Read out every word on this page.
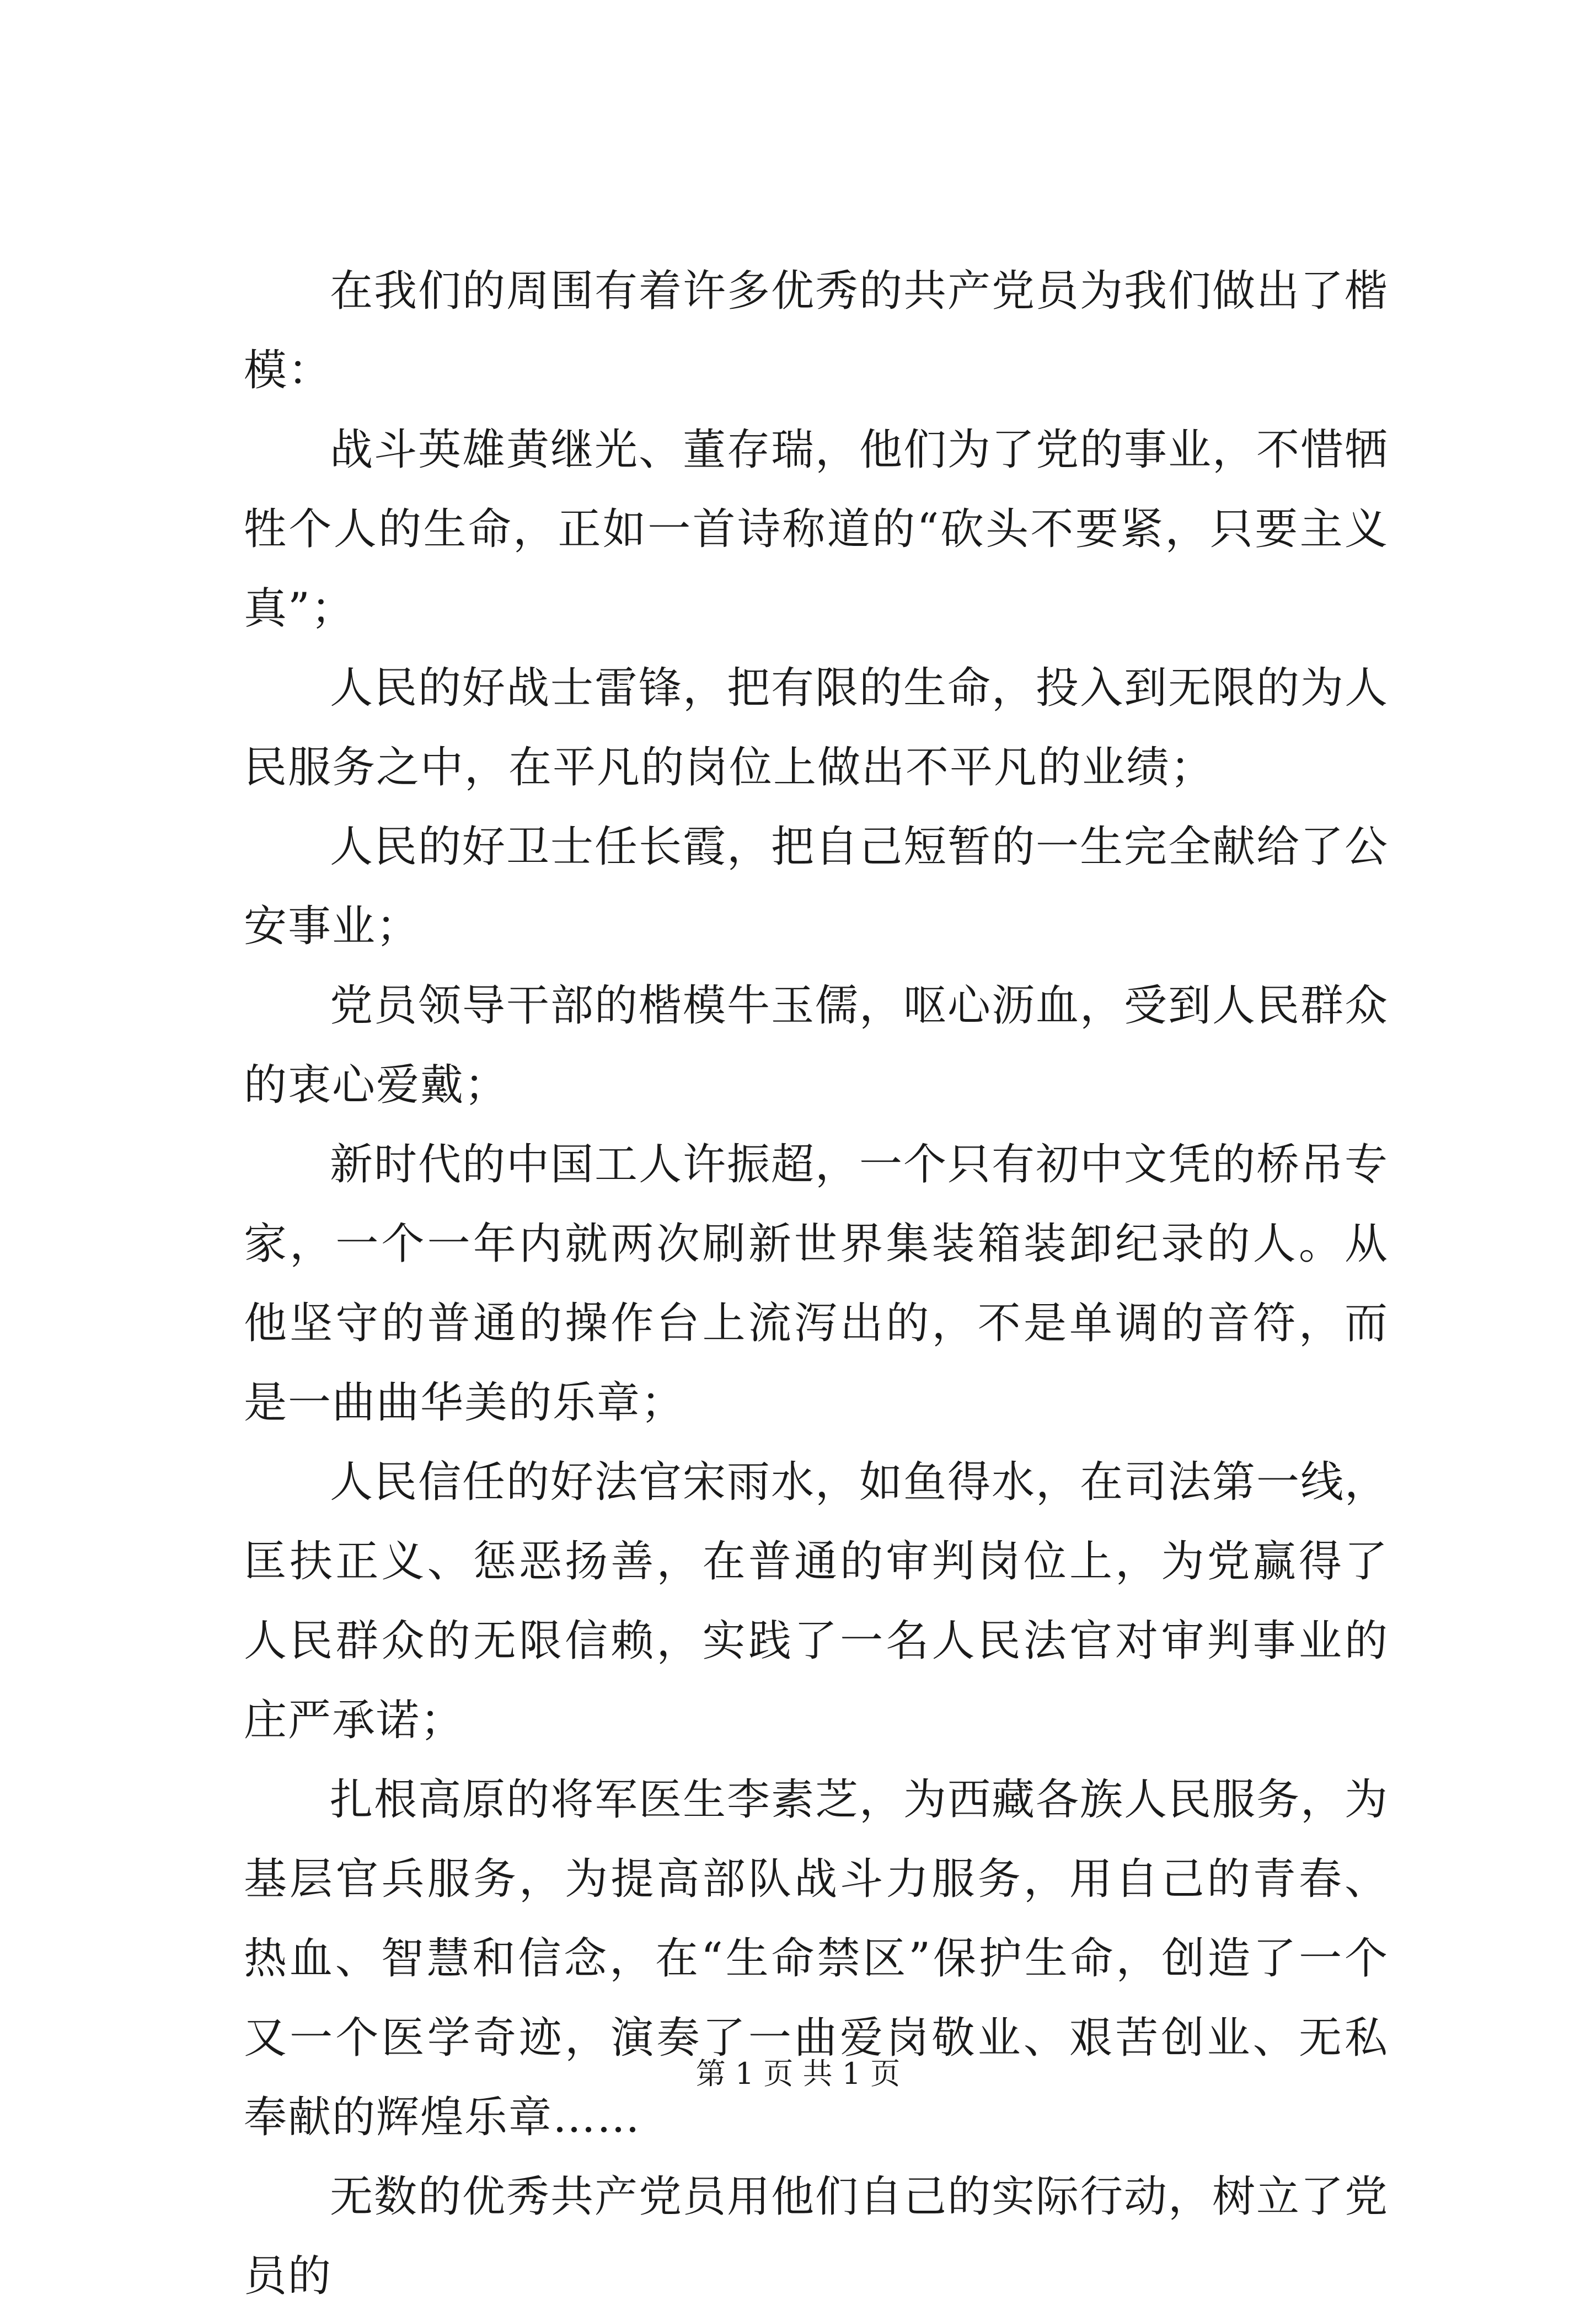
在我们的周围有着许多优秀的共产党员为我们做出了楷模：

战斗英雄黄继光、董存瑞，他们为了党的事业，不惜牺牲个人的生命，正如一首诗称道的“砍头不要紧，只要主义真”；

人民的好战士雷锋，把有限的生命，投入到无限的为人民服务之中，在平凡的岗位上做出不平凡的业绩；

人民的好卫士任长霞，把自己短暂的一生完全献给了公安事业；

党员领导干部的楷模牛玉儒，呕心沥血，受到人民群众的衷心爱戴；

新时代的中国工人许振超，一个只有初中文凭的桥吊专家，一个一年内就两次刷新世界集装箱装卸纪录的人。从他坚守的普通的操作台上流泻出的，不是单调的音符，而是一曲曲华美的乐章；

人民信任的好法官宋雨水，如鱼得水，在司法第一线，匡扶正义、惩恶扬善，在普通的审判岗位上，为党赢得了人民群众的无限信赖，实践了一名人民法官对审判事业的庄严承诺；

扎根高原的将军医生李素芝，为西藏各族人民服务，为基层官兵服务，为提高部队战斗力服务，用自己的青春、热血、智慧和信念，在“生命禁区”保护生命，创造了一个又一个医学奇迹，演奏了一曲爱岗敬业、艰苦创业、无私奉献的辉煌乐章……

无数的优秀共产党员用他们自己的实际行动，树立了党员的

第 1 页 共 1 页
